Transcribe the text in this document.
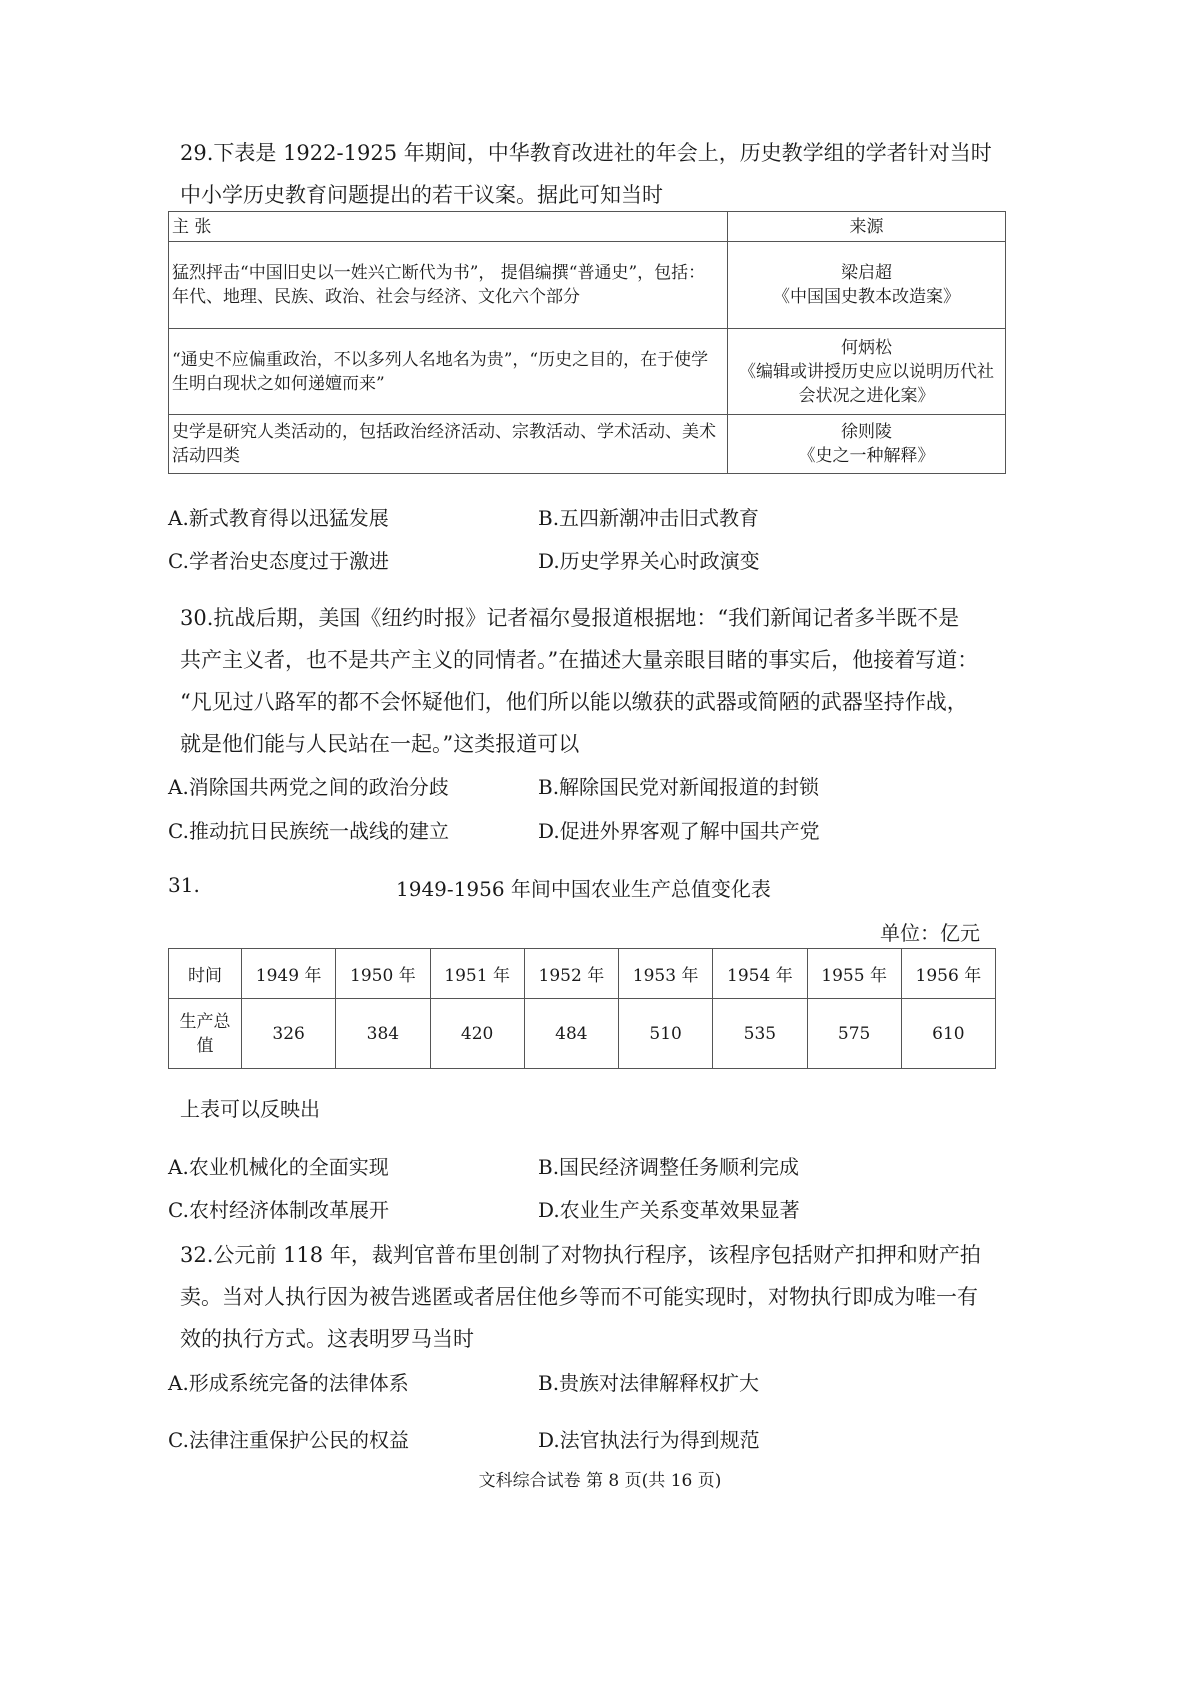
29.下表是 1922-1925 年期间，中华教育改进社的年会上，历史教学组的学者针对当时
中小学历史教育问题提出的若干议案。据此可知当时
主 张	来源
猛烈抨击“中国旧史以一姓兴亡断代为书”， 提倡编撰“普通史”，包括： 年代、地理、民族、政治、社会与经济、文化六个部分	梁启超
《中国国史教本改造案》

“通史不应偏重政治，不以多列人名地名为贵”，“历史之目的，在于使学生明白现状之如何递嬗而来”	何炳松
《编辑或讲授历史应以说明历代社会状况之进化案》

史学是研究人类活动的，包括政治经济活动、宗教活动、学术活动、美术活动四类	徐则陵
《史之一种解释》
A.新式教育得以迅猛发展	B.五四新潮冲击旧式教育
C.学者治史态度过于激进	D.历史学界关心时政演变
30.抗战后期，美国《纽约时报》记者福尔曼报道根据地：“我们新闻记者多半既不是
共产主义者，也不是共产主义的同情者。”在描述大量亲眼目睹的事实后，他接着写道：
“凡见过八路军的都不会怀疑他们，他们所以能以缴获的武器或简陋的武器坚持作战，
就是他们能与人民站在一起。”这类报道可以
A.消除国共两党之间的政治分歧	B.解除国民党对新闻报道的封锁
C.推动抗日民族统一战线的建立	D.促进外界客观了解中国共产党
31.	1949-1956 年间中国农业生产总值变化表
单位：亿元
时间	1949 年	1950 年	1951 年	1952 年	1953 年	1954 年	1955 年	1956 年
生产总值	326	384	420	484	510	535	575	610
上表可以反映出
A.农业机械化的全面实现	B.国民经济调整任务顺利完成
C.农村经济体制改革展开	D.农业生产关系变革效果显著
32.公元前 118 年，裁判官普布里创制了对物执行程序，该程序包括财产扣押和财产拍
卖。当对人执行因为被告逃匿或者居住他乡等而不可能实现时，对物执行即成为唯一有
效的执行方式。这表明罗马当时
A.形成系统完备的法律体系	B.贵族对法律解释权扩大
C.法律注重保护公民的权益	D.法官执法行为得到规范
文科综合试卷 第 8 页(共 16 页)
